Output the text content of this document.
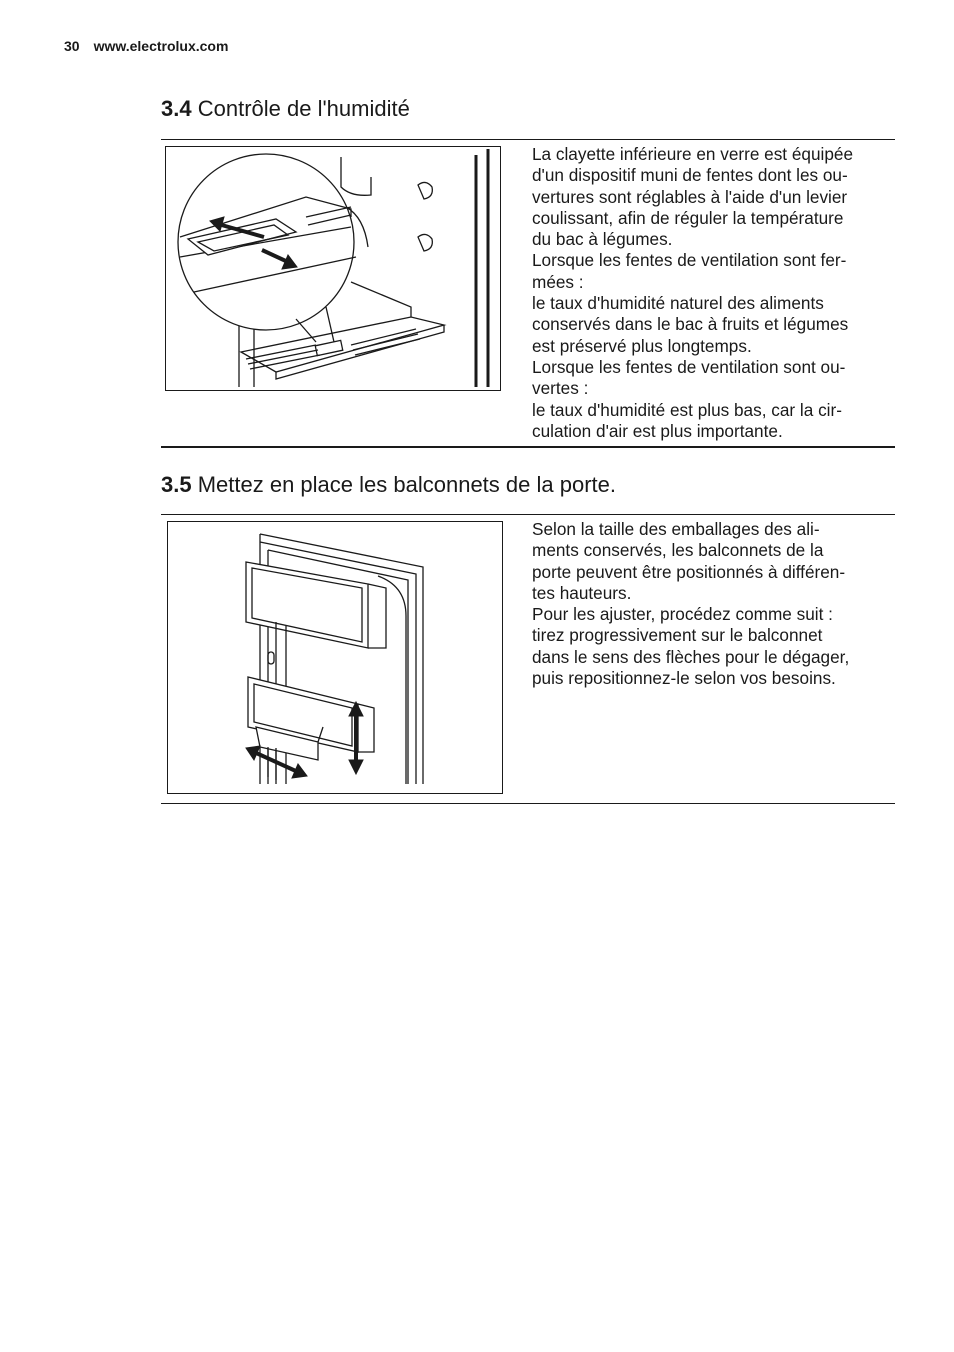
30 www.electrolux.com
3.4 Contrôle de l'humidité

La clayette inférieure en verre est équipée

d'un dispositif muni de fentes dont les ou-

vertures sont réglables à l'aide d'un levier

coulissant, afin de réguler la température

du bac à légumes.

Lorsque les fentes de ventilation sont fer-

mées :

le taux d'humidité naturel des aliments

conservés dans le bac à fruits et légumes

est préservé plus longtemps.

Lorsque les fentes de ventilation sont ou-

vertes :

le taux d'humidité est plus bas, car la cir-

culation d'air est plus importante.

3.5 Mettez en place les balconnets de la porte.

Selon la taille des emballages des ali-

ments conservés, les balconnets de la

porte peuvent être positionnés à différen-

tes hauteurs.

Pour les ajuster, procédez comme suit :

tirez progressivement sur le balconnet

dans le sens des flèches pour le dégager,

puis repositionnez-le selon vos besoins.
